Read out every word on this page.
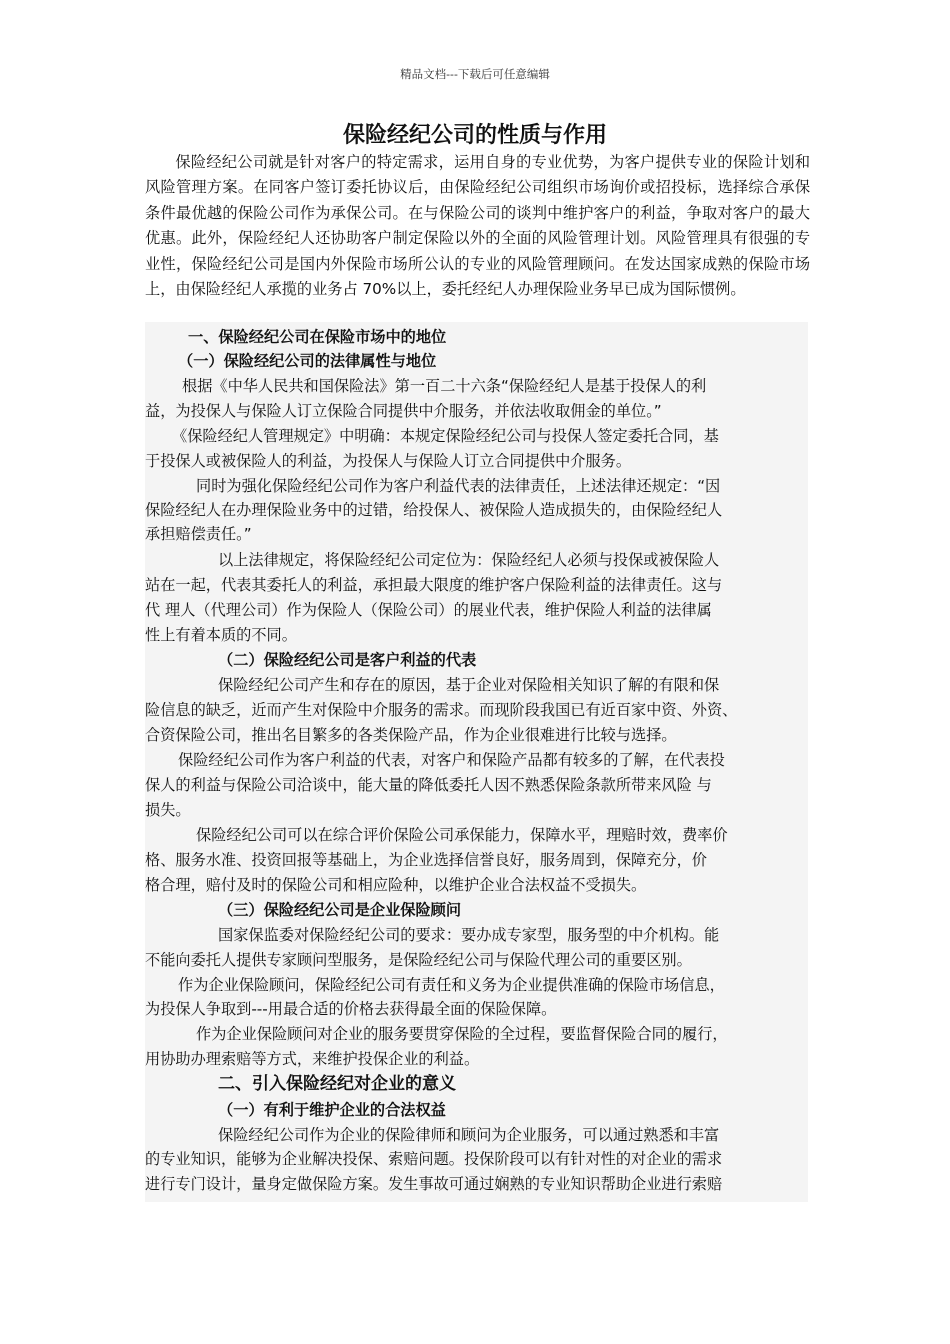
精品文档---下载后可任意编辑
保险经纪公司的性质与作用

保险经纪公司就是针对客户的特定需求，运用自身的专业优势，为客户提供专业的保险计划和风险管理方案。在同客户签订委托协议后，由保险经纪公司组织市场询价或招投标，选择综合承保条件最优越的保险公司作为承保公司。在与保险公司的谈判中维护客户的利益，争取对客户的最大优惠。此外，保险经纪人还协助客户制定保险以外的全面的风险管理计划。风险管理具有很强的专业性，保险经纪公司是国内外保险市场所公认的专业的风险管理顾问。在发达国家成熟的保险市场上，由保险经纪人承揽的业务占 70%以上，委托经纪人办理保险业务早已成为国际惯例。

一、保险经纪公司在保险市场中的地位

（一）保险经纪公司的法律属性与地位

根据《中华人民共和国保险法》第一百二十六条“保险经纪人是基于投保人的利

益，为投保人与保险人订立保险合同提供中介服务，并依法收取佣金的单位。”

《保险经纪人管理规定》中明确：本规定保险经纪公司与投保人签定委托合同，基

于投保人或被保险人的利益，为投保人与保险人订立合同提供中介服务。

同时为强化保险经纪公司作为客户利益代表的法律责任，上述法律还规定：“因

保险经纪人在办理保险业务中的过错，给投保人、被保险人造成损失的，由保险经纪人

承担赔偿责任。”

以上法律规定，将保险经纪公司定位为：保险经纪人必须与投保或被保险人

站在一起，代表其委托人的利益，承担最大限度的维护客户保险利益的法律责任。这与

代 理人（代理公司）作为保险人（保险公司）的展业代表，维护保险人利益的法律属

性上有着本质的不同。

（二）保险经纪公司是客户利益的代表

保险经纪公司产生和存在的原因，基于企业对保险相关知识了解的有限和保

险信息的缺乏，近而产生对保险中介服务的需求。而现阶段我国已有近百家中资、外资、

合资保险公司，推出名目繁多的各类保险产品，作为企业很难进行比较与选择。

保险经纪公司作为客户利益的代表，对客户和保险产品都有较多的了解，在代表投

保人的利益与保险公司洽谈中，能大量的降低委托人因不熟悉保险条款所带来风险 与

损失。

保险经纪公司可以在综合评价保险公司承保能力，保障水平，理赔时效，费率价

格、服务水准、投资回报等基础上，为企业选择信誉良好，服务周到，保障充分，价

格合理，赔付及时的保险公司和相应险种，以维护企业合法权益不受损失。

（三）保险经纪公司是企业保险顾问

国家保监委对保险经纪公司的要求：要办成专家型，服务型的中介机构。能

不能向委托人提供专家顾问型服务，是保险经纪公司与保险代理公司的重要区别。

作为企业保险顾问，保险经纪公司有责任和义务为企业提供准确的保险市场信息，

为投保人争取到---用最合适的价格去获得最全面的保险保障。

作为企业保险顾问对企业的服务要贯穿保险的全过程，要监督保险合同的履行，

用协助办理索赔等方式，来维护投保企业的利益。

二、引入保险经纪对企业的意义

（一）有利于维护企业的合法权益

保险经纪公司作为企业的保险律师和顾问为企业服务，可以通过熟悉和丰富

的专业知识，能够为企业解决投保、索赔问题。投保阶段可以有针对性的对企业的需求

进行专门设计，量身定做保险方案。发生事故可通过娴熟的专业知识帮助企业进行索赔
